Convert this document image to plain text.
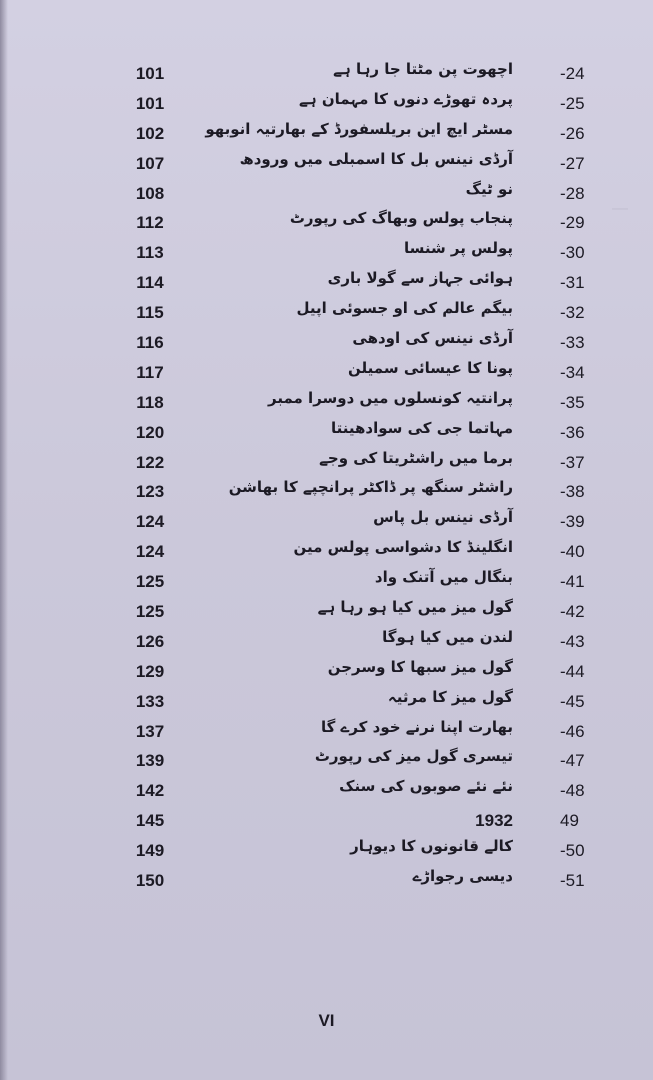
—
101	اچھوت پن مٹتا جا رہا ہے	-24
101	پردہ تھوڑے دنوں کا مہمان ہے	-25
102	مسٹر ایچ این بریلسفورڈ کے بھارتیہ انوبھو	-26
107	آرڈی نینس بل کا اسمبلی میں ورودھ	-27
108	نو ٹیگ	-28
112	پنجاب پولس وبھاگ کی رپورٹ	-29
113	پولس پر شنسا	-30
114	ہوائی جہاز سے گولا باری	-31
115	بیگم عالم کی او جسوئی اپیل	-32
116	آرڈی نینس کی اودھی	-33
117	پونا کا عیسائی سمیلن	-34
118	پرانتیہ کونسلوں میں دوسرا ممبر	-35
120	مہاتما جی کی سوادھینتا	-36
122	برما میں راشٹریتا کی وجے	-37
123	راشٹر سنگھ پر ڈاکٹر پرانچپے کا بھاشن	-38
124	آرڈی نینس بل پاس	-39
124	انگلینڈ کا دشواسی پولس مین	-40
125	بنگال میں آتنک واد	-41
125	گول میز میں کیا ہو رہا ہے	-42
126	لندن میں کیا ہوگا	-43
129	گول میز سبھا کا وسرجن	-44
133	گول میز کا مرثیہ	-45
137	بھارت اپنا نرنے خود کرے گا	-46
139	تیسری گول میز کی رپورٹ	-47
142	نئے نئے صوبوں کی سنک	-48
145	1932	49
149	کالے قانونوں کا دیوہار	-50
150	دیسی رجواڑے	-51
VI
